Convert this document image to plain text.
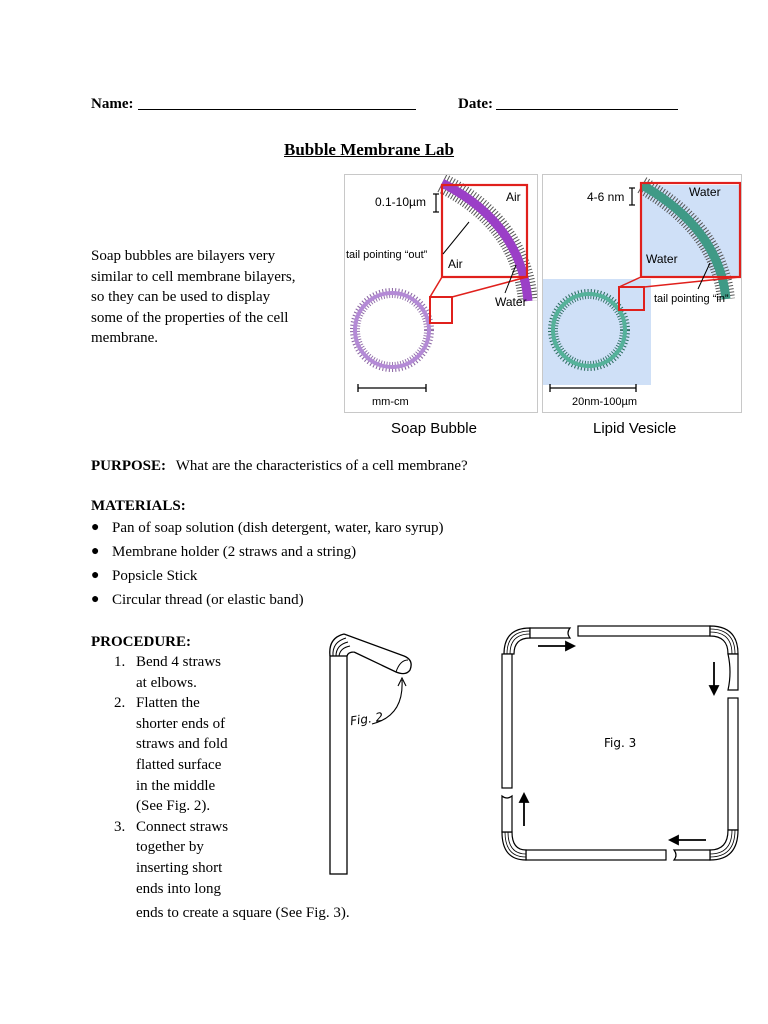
Name:	Date:
Bubble Membrane Lab
Soap bubbles are bilayers very
similar to cell membrane bilayers,
so they can be used to display
some of the properties of the cell
membrane.
0.1-10µm	Air
tail pointing “out”
Air
Water
mm-cm
Soap Bubble
4-6 nm	Water
Water
tail pointing “in”
20nm-100µm
Lipid Vesicle
PURPOSE: What are the characteristics of a cell membrane?
MATERIALS:
● Pan of soap solution (dish detergent, water, karo syrup)
● Membrane holder (2 straws and a string)
● Popsicle Stick
● Circular thread (or elastic band)
PROCEDURE:
1. Bend 4 straws
at elbows.
2. Flatten the
shorter ends of
straws and fold
flatted surface
in the middle
(See Fig. 2).
3. Connect straws
together by
inserting short
ends into long
ends to create a square (See Fig. 3).
Fig. 2
Fig. 3
